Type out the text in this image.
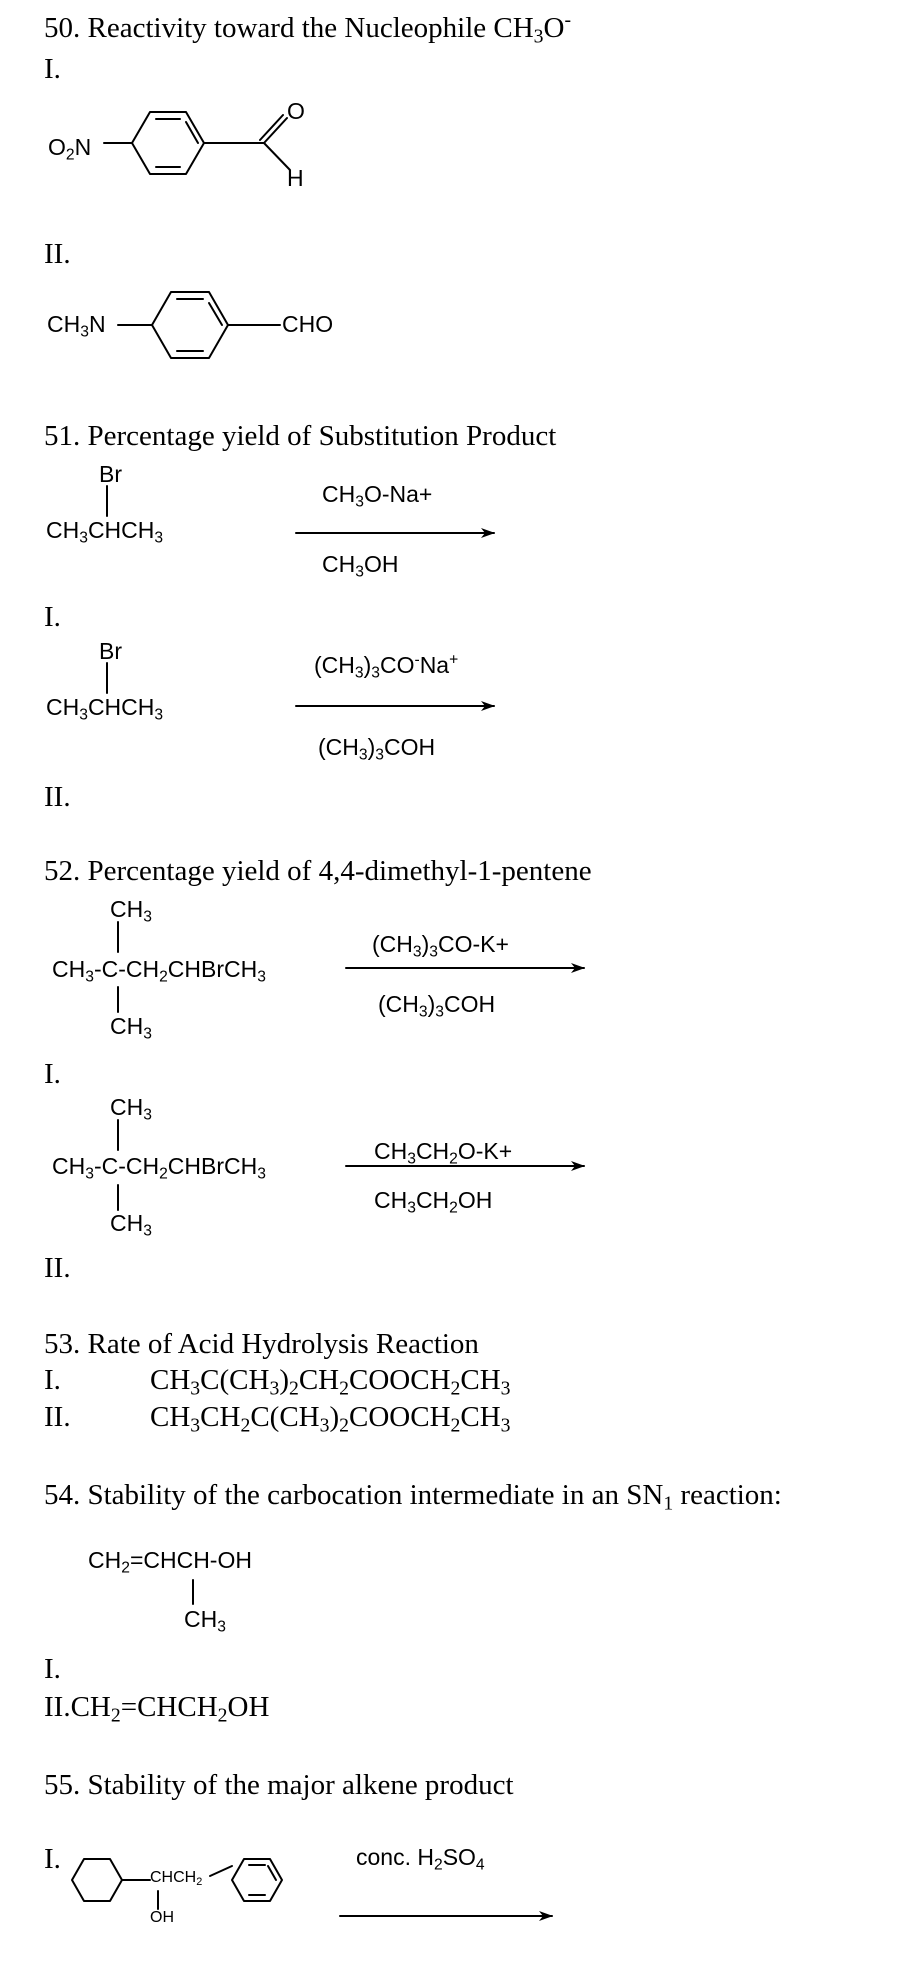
50. Reactivity toward the Nucleophile $CH_3O^-$
I.
$O_2N$
O
H
II.
$CH_3N$	CHO
51. Percentage yield of Substitution Product
Br
$CH_3CHCH_3$
$CH_3O-Na+$
$CH_3OH$
I.
Br
$CH_3CHCH_3$
$(CH_3)_3CO^-Na^+$
$(CH_3)_3COH$
II.
52. Percentage yield of 4,4-dimethyl-1-pentene
$CH_3$
$CH_3-C-CH_2CHBrCH_3$
$CH_3$
$(CH_3)_3CO-K+$
$(CH_3)_3COH$
I.
$CH_3$
$CH_3-C-CH_2CHBrCH_3$
$CH_3$
$CH_3CH_2O-K+$
$CH_3CH_2OH$
II.
53. Rate of Acid Hydrolysis Reaction
I.	$CH_3C(CH_3)_2CH_2COOCH_2CH_3$
II.	$CH_3CH_2C(CH_3)_2COOCH_2CH_3$
54. Stability of the carbocation intermediate in an $SN_1$ reaction:
$CH_2=CHCH-OH$
$CH_3$
I.
$II.CH_2=CHCH_2OH$
55. Stability of the major alkene product
I.
$CHCH_2$
OH
conc. $H_2SO_4$
